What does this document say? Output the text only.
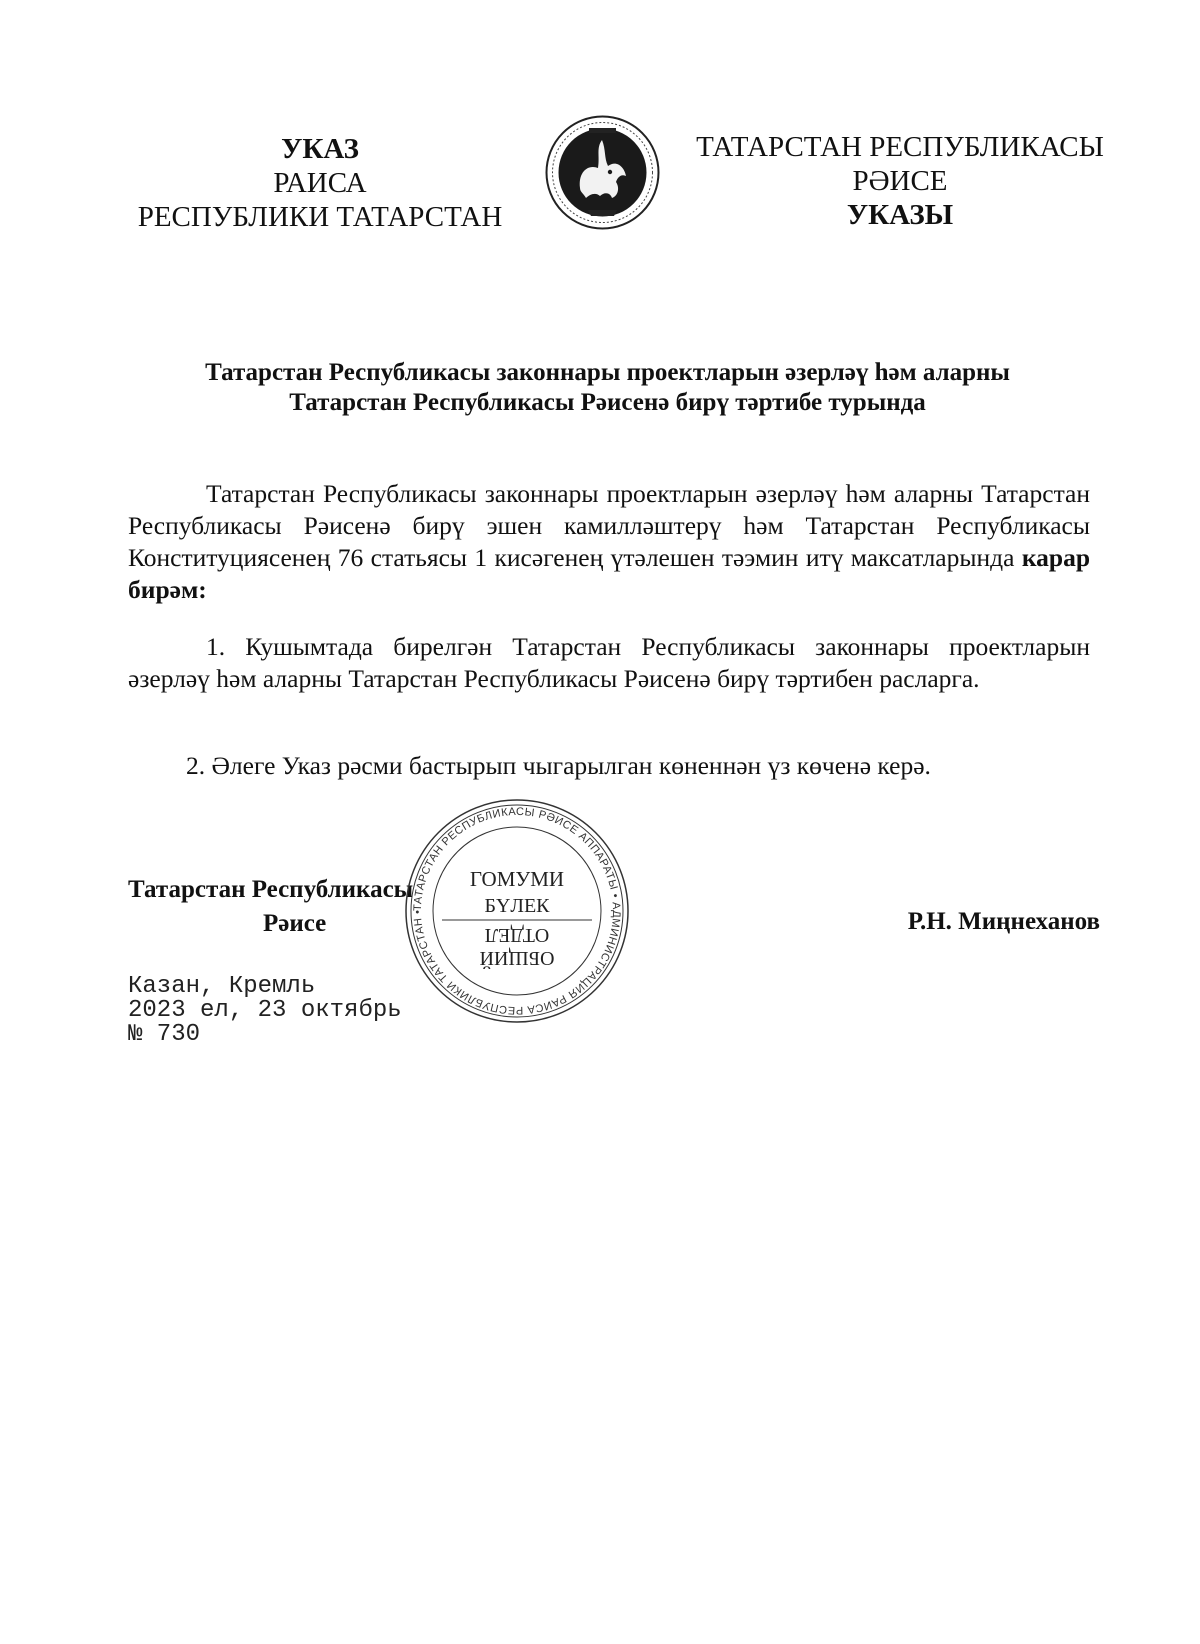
УКАЗ
РАИСА
РЕСПУБЛИКИ ТАТАРСТАН
ТАТАРСТАН РЕСПУБЛИКАСЫ
РӘИСЕ
УКАЗЫ
Татарстан Республикасы законнары проектларын әзерләү һәм аларны
Татарстан Республикасы Рәисенә бирү тәртибе турында
Татарстан Республикасы законнары проектларын әзерләү һәм аларны Татарстан Республикасы Рәисенә бирү эшен камилләштерү һәм Татарстан Республикасы Конституциясенең 76 статьясы 1 кисәгенең үтәлешен тәэмин итү максатларында карар бирәм:
1. Кушымтада бирелгән Татарстан Республикасы законнары проектларын әзерләү һәм аларны Татарстан Республикасы Рәисенә бирү тәртибен расларга.
2. Әлеге Указ рәсми бастырып чыгарылган көненнән үз көченә керә.
Татарстан Республикасы
Рәисе	Р.Н. Миңнеханов
Казан, Кремль
2023 ел, 23 октябрь
№ 730
ТАТАРСТАН РЕСПУБЛИКАСЫ РӘИСЕ АППАРАТЫ • АДМИНИСТРАЦИЯ РАИСА РЕСПУБЛИКИ ТАТАРСТАН •
ГОМУМИ
БҮЛЕК
ОТДЕЛ
ОБЩИЙ
